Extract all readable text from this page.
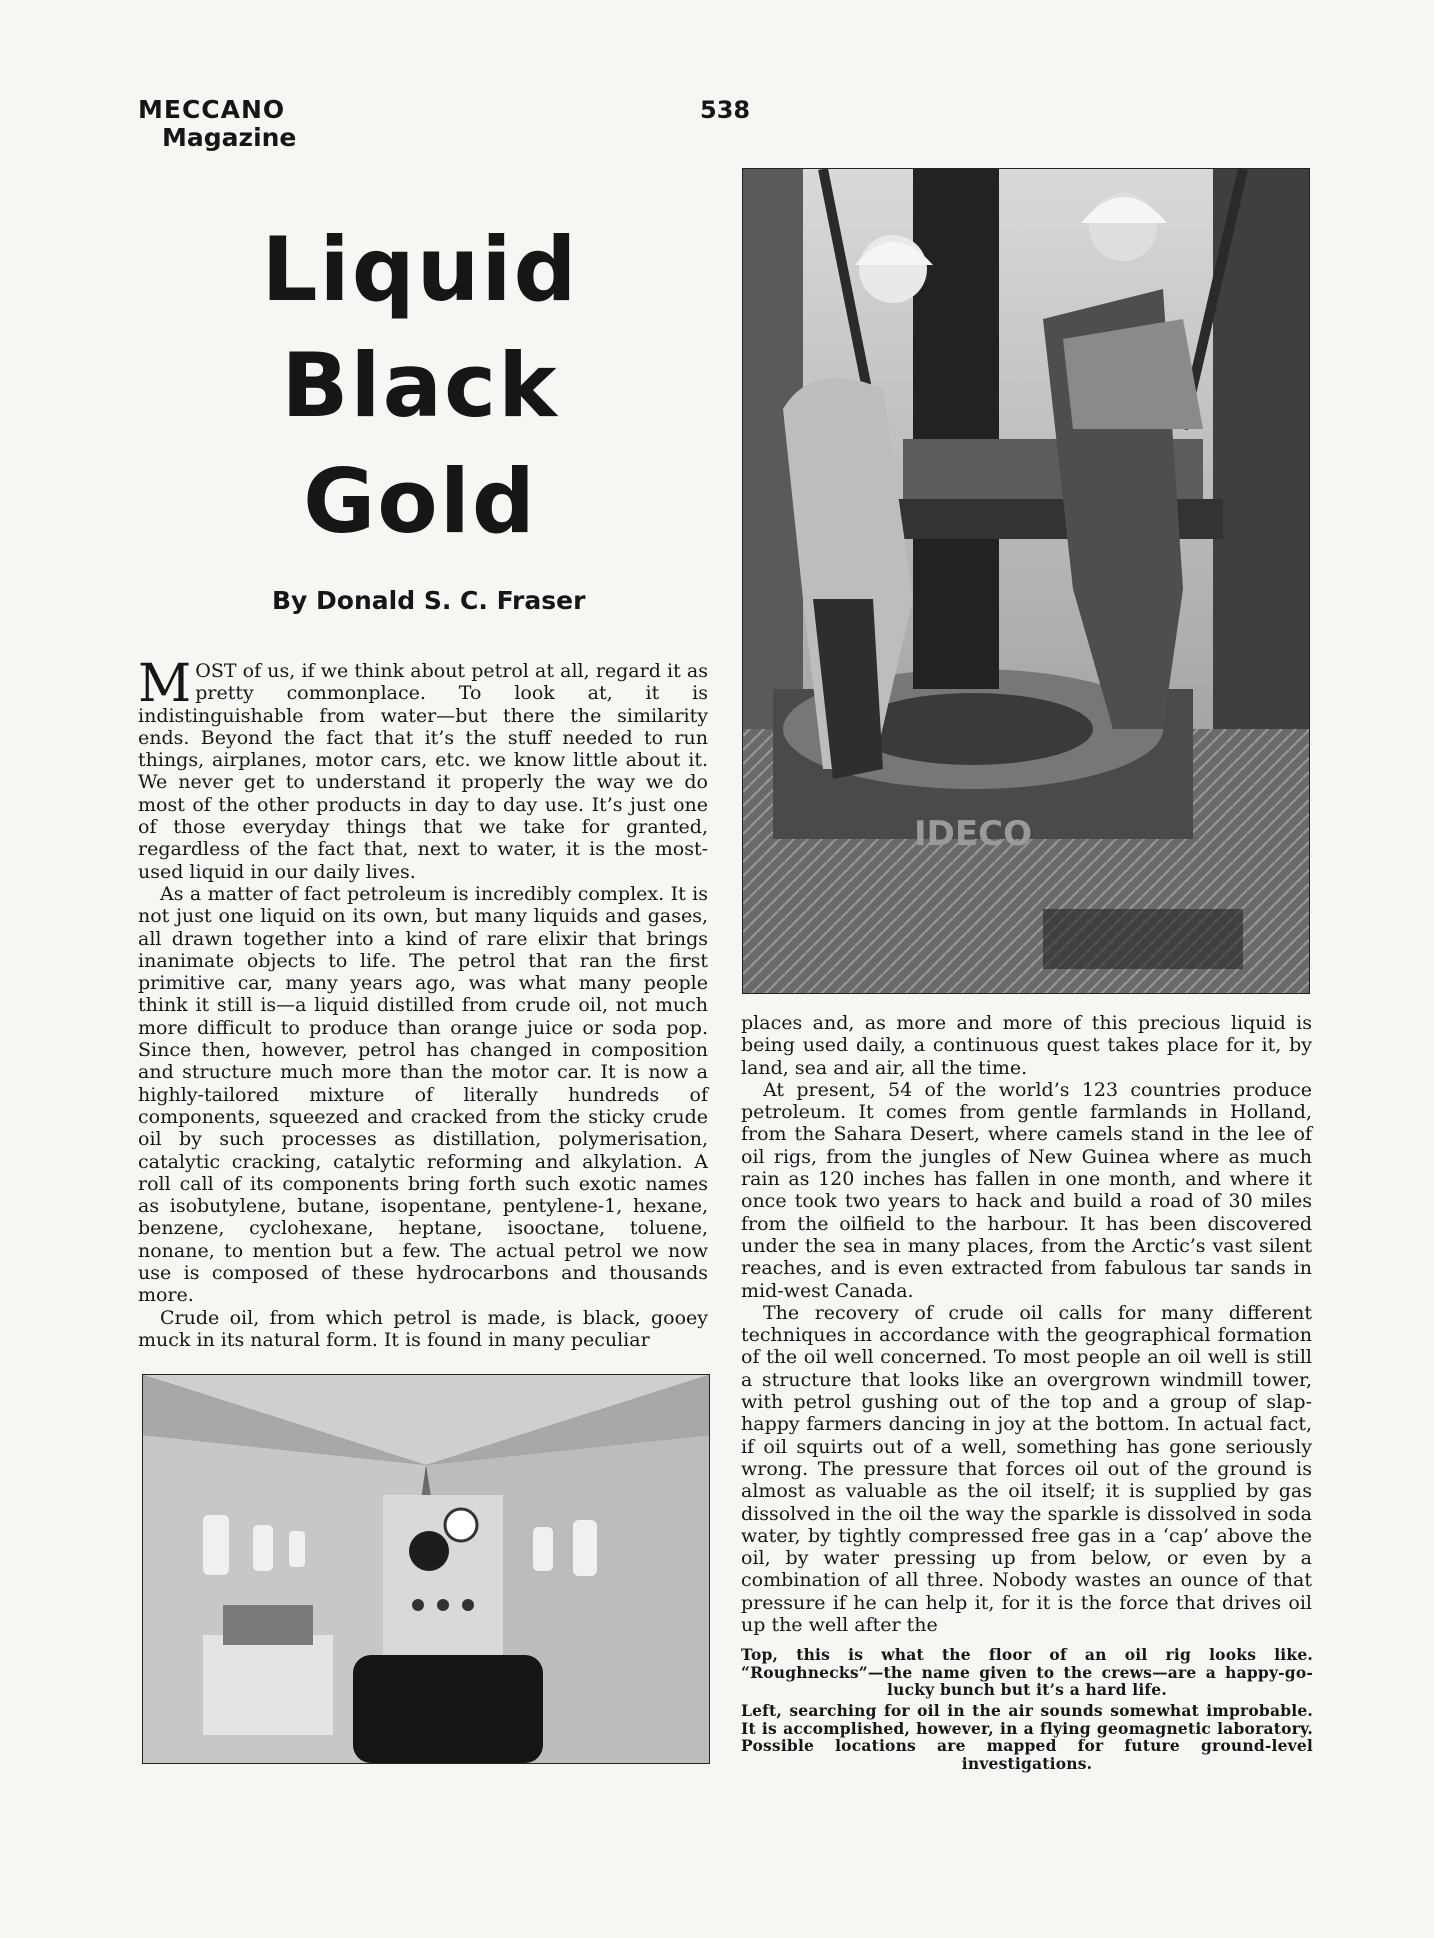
MECCANO
Magazine
538
Liquid
Black
Gold
By Donald S. C. Fraser

MOST of us, if we think about petrol at all, regard it as pretty commonplace. To look at, it is indistinguishable from water—but there the similarity ends. Beyond the fact that it’s the stuff needed to run things, airplanes, motor cars, etc. we know little about it. We never get to understand it properly the way we do most of the other products in day to day use. It’s just one of those everyday things that we take for granted, regardless of the fact that, next to water, it is the most-used liquid in our daily lives.

As a matter of fact petroleum is incredibly complex. It is not just one liquid on its own, but many liquids and gases, all drawn together into a kind of rare elixir that brings inanimate objects to life. The petrol that ran the first primitive car, many years ago, was what many people think it still is—a liquid distilled from crude oil, not much more difficult to produce than orange juice or soda pop. Since then, however, petrol has changed in composition and structure much more than the motor car. It is now a highly-tailored mixture of literally hundreds of components, squeezed and cracked from the sticky crude oil by such processes as distillation, polymerisation, catalytic cracking, catalytic reforming and alkylation. A roll call of its components bring forth such exotic names as isobutylene, butane, isopentane, pentylene-1, hexane, benzene, cyclohexane, heptane, isooctane, toluene, nonane, to mention but a few. The actual petrol we now use is composed of these hydrocarbons and thousands more.

Crude oil, from which petrol is made, is black, gooey muck in its natural form. It is found in many peculiar

IDECO

places and, as more and more of this precious liquid is being used daily, a continuous quest takes place for it, by land, sea and air, all the time.

At present, 54 of the world’s 123 countries produce petroleum. It comes from gentle farmlands in Holland, from the Sahara Desert, where camels stand in the lee of oil rigs, from the jungles of New Guinea where as much rain as 120 inches has fallen in one month, and where it once took two years to hack and build a road of 30 miles from the oilfield to the harbour. It has been discovered under the sea in many places, from the Arctic’s vast silent reaches, and is even extracted from fabulous tar sands in mid-west Canada.

The recovery of crude oil calls for many different techniques in accordance with the geographical formation of the oil well concerned. To most people an oil well is still a structure that looks like an overgrown windmill tower, with petrol gushing out of the top and a group of slap-happy farmers dancing in joy at the bottom. In actual fact, if oil squirts out of a well, something has gone seriously wrong. The pressure that forces oil out of the ground is almost as valuable as the oil itself; it is supplied by gas dissolved in the oil the way the sparkle is dissolved in soda water, by tightly compressed free gas in a ‘cap’ above the oil, by water pressing up from below, or even by a combination of all three. Nobody wastes an ounce of that pressure if he can help it, for it is the force that drives oil up the well after the

Top, this is what the floor of an oil rig looks like. “Roughnecks”—the name given to the crews—are a happy-go-lucky bunch but it’s a hard life.
Left, searching for oil in the air sounds somewhat improbable. It is accomplished, however, in a flying geomagnetic laboratory. Possible locations are mapped for future ground-level investigations.
